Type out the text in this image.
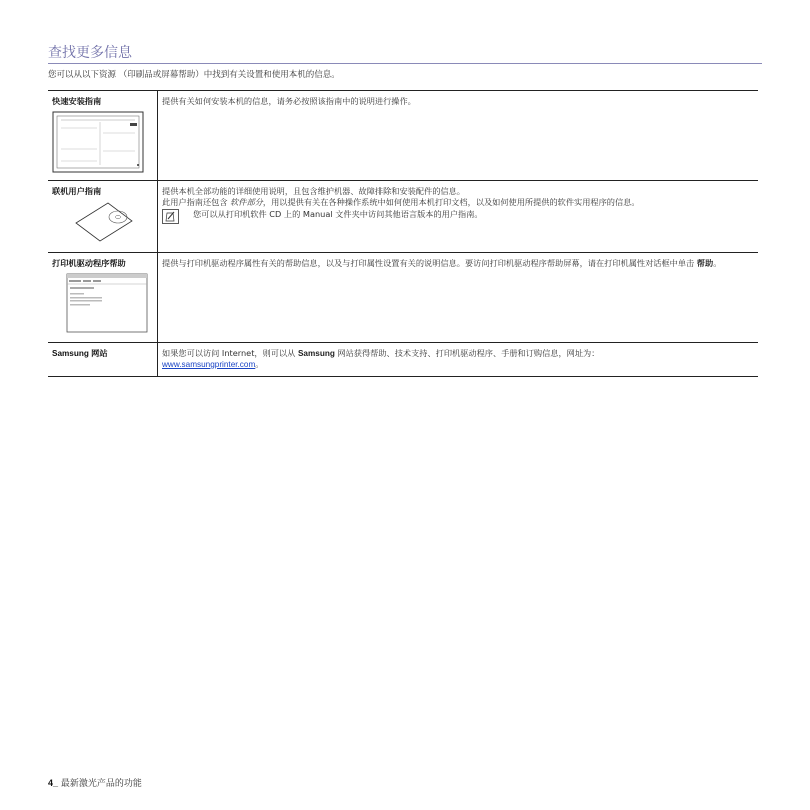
查找更多信息
您可以从以下资源 （印刷品或屏幕帮助）中找到有关设置和使用本机的信息。
快速安装指南	提供有关如何安装本机的信息，请务必按照该指南中的说明进行操作。

联机用户指南	提供本机全部功能的详细使用说明，且包含维护机器、故障排除和安装配件的信息。
此用户指南还包含 软件部分，用以提供有关在各种操作系统中如何使用本机打印文档，以及如何使用所提供的软件实用程序的信息。
您可以从打印机软件 CD 上的 Manual 文件夹中访问其他语言版本的用户指南。

打印机驱动程序帮助	提供与打印机驱动程序属性有关的帮助信息，以及与打印属性设置有关的说明信息。要访问打印机驱动程序帮助屏幕，请在打印机属性对话框中单击 帮助。

Samsung 网站	如果您可以访问 Internet，则可以从 Samsung 网站获得帮助、技术支持、打印机驱动程序、手册和订购信息，网址为：
www.samsungprinter.com。
4_ 最新激光产品的功能
